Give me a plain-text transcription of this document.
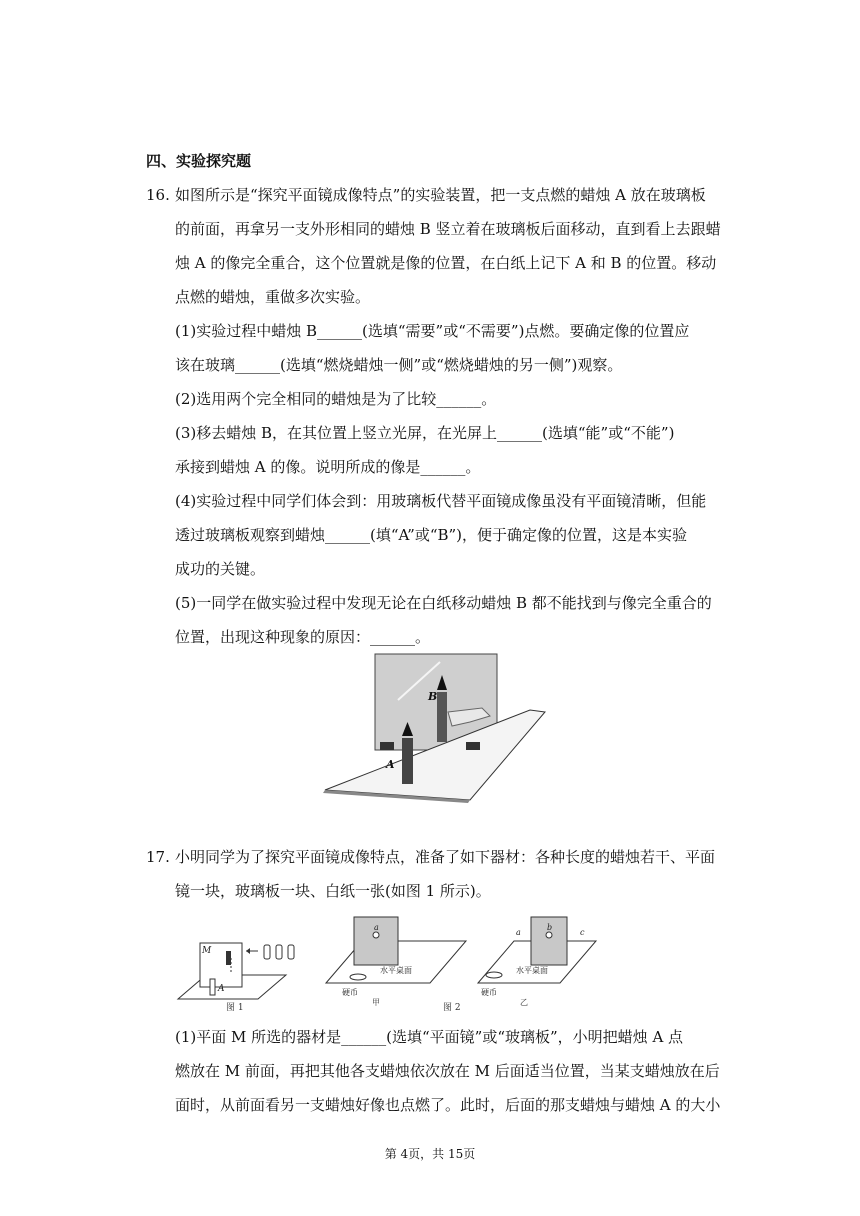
四、实验探究题
16. 如图所示是“探究平面镜成像特点”的实验装置，把一支点燃的蜡烛 A 放在玻璃板
的前面，再拿另一支外形相同的蜡烛 B 竖立着在玻璃板后面移动，直到看上去跟蜡
烛 A 的像完全重合，这个位置就是像的位置，在白纸上记下 A 和 B 的位置。移动
点燃的蜡烛，重做多次实验。
(1)实验过程中蜡烛 B______(选填“需要”或“不需要”)点燃。要确定像的位置应
该在玻璃______(选填“燃烧蜡烛一侧”或“燃烧蜡烛的另一侧”)观察。
(2)选用两个完全相同的蜡烛是为了比较______。
(3)移去蜡烛 B，在其位置上竖立光屏，在光屏上______(选填“能”或“不能”)
承接到蜡烛 A 的像。说明所成的像是______。
(4)实验过程中同学们体会到：用玻璃板代替平面镜成像虽没有平面镜清晰，但能
透过玻璃板观察到蜡烛______(填“A”或“B”)，便于确定像的位置，这是本实验
成功的关键。
(5)一同学在做实验过程中发现无论在白纸移动蜡烛 B 都不能找到与像完全重合的
位置，出现这种现象的原因：______。
A
B
17. 小明同学为了探究平面镜成像特点，准备了如下器材：各种长度的蜡烛若干、平面
镜一块，玻璃板一块、白纸一张(如图 1 所示)。
M
A
图 1
a
水平桌面
硬币
甲
图 2
a
b
c
水平桌面
硬币
乙
(1)平面 M 所选的器材是______(选填“平面镜”或“玻璃板”，小明把蜡烛 A 点
燃放在 M 前面，再把其他各支蜡烛依次放在 M 后面适当位置，当某支蜡烛放在后
面时，从前面看另一支蜡烛好像也点燃了。此时，后面的那支蜡烛与蜡烛 A 的大小
第 4页，共 15页
